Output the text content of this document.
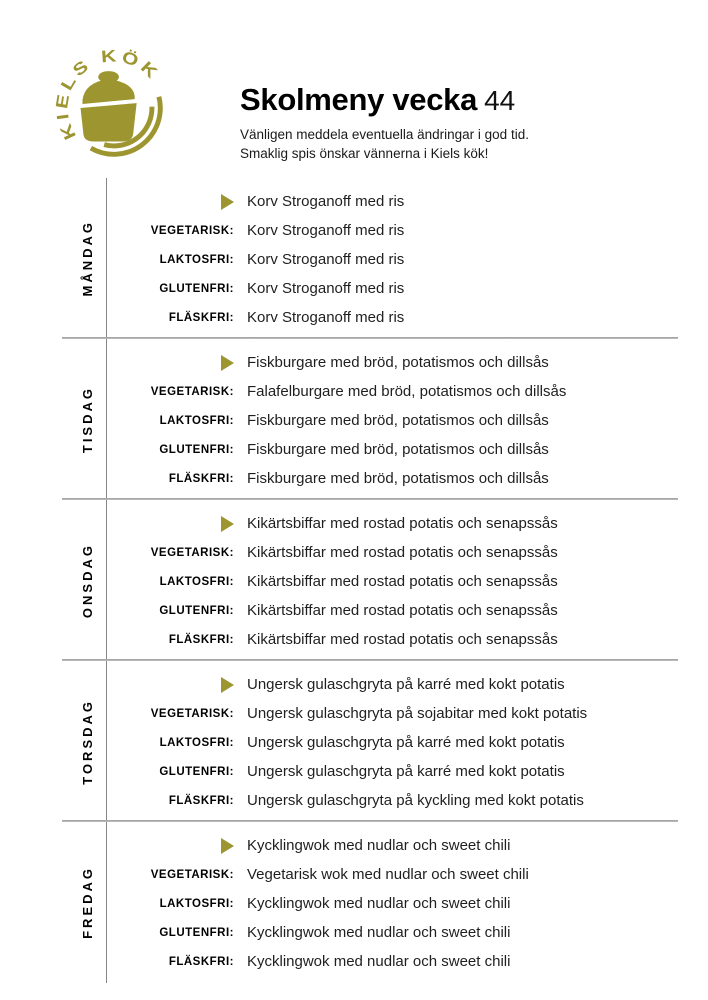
KIELS KÖK
Skolmeny vecka 44
Vänligen meddela eventuella ändringar i god tid.
Smaklig spis önskar vännerna i Kiels kök!
MÅNDAG
Korv Stroganoff med ris
VEGETARISK: Korv Stroganoff med ris
LAKTOSFRI: Korv Stroganoff med ris
GLUTENFRI: Korv Stroganoff med ris
FLÄSKFRI: Korv Stroganoff med ris
TISDAG
Fiskburgare med bröd, potatismos och dillsås
VEGETARISK: Falafelburgare med bröd, potatismos och dillsås
LAKTOSFRI: Fiskburgare med bröd, potatismos och dillsås
GLUTENFRI: Fiskburgare med bröd, potatismos och dillsås
FLÄSKFRI: Fiskburgare med bröd, potatismos och dillsås
ONSDAG
Kikärtsbiffar med rostad potatis och senapssås
VEGETARISK: Kikärtsbiffar med rostad potatis och senapssås
LAKTOSFRI: Kikärtsbiffar med rostad potatis och senapssås
GLUTENFRI: Kikärtsbiffar med rostad potatis och senapssås
FLÄSKFRI: Kikärtsbiffar med rostad potatis och senapssås
TORSDAG
Ungersk gulaschgryta på karré med kokt potatis
VEGETARISK: Ungersk gulaschgryta på sojabitar med kokt potatis
LAKTOSFRI: Ungersk gulaschgryta på karré med kokt potatis
GLUTENFRI: Ungersk gulaschgryta på karré med kokt potatis
FLÄSKFRI: Ungersk gulaschgryta på kyckling med kokt potatis
FREDAG
Kycklingwok med nudlar och sweet chili
VEGETARISK: Vegetarisk wok med nudlar och sweet chili
LAKTOSFRI: Kycklingwok med nudlar och sweet chili
GLUTENFRI: Kycklingwok med nudlar och sweet chili
FLÄSKFRI: Kycklingwok med nudlar och sweet chili
